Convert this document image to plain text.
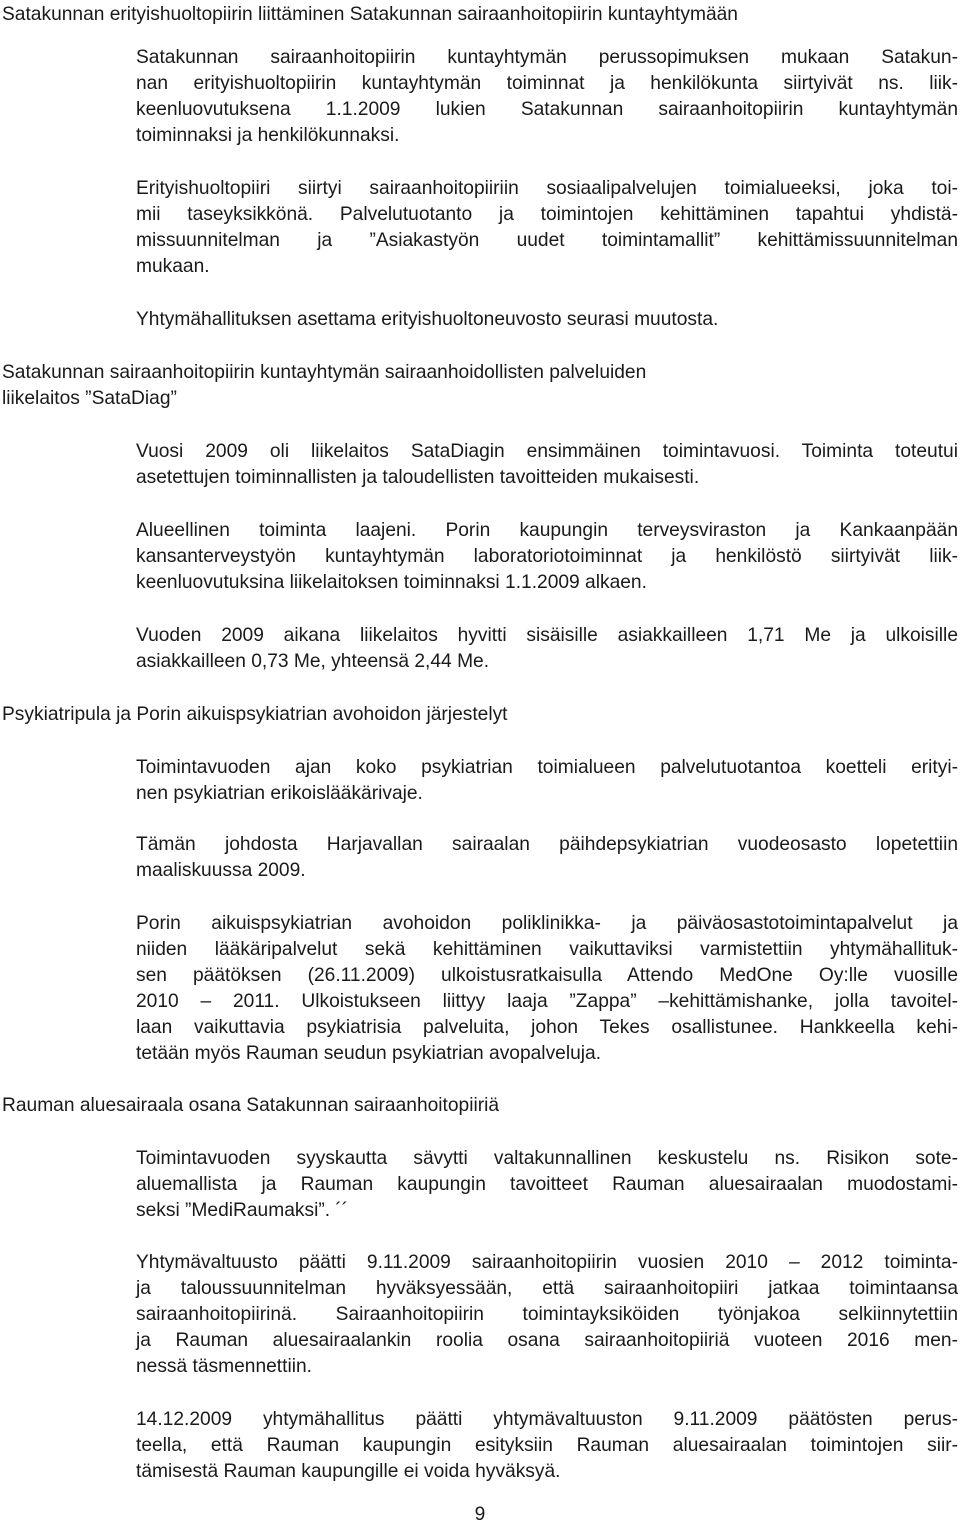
Satakunnan erityishuoltopiirin liittäminen Satakunnan sairaanhoitopiirin kuntayhtymään
Satakunnan sairaanhoitopiirin kuntayhtymän perussopimuksen mukaan Satakun-
nan erityishuoltopiirin kuntayhtymän toiminnat ja henkilökunta siirtyivät ns. liik-
keenluovutuksena 1.1.2009 lukien Satakunnan sairaanhoitopiirin kuntayhtymän
toiminnaksi ja henkilökunnaksi.
Erityishuoltopiiri siirtyi sairaanhoitopiiriin sosiaalipalvelujen toimialueeksi, joka toi-
mii taseyksikkönä. Palvelutuotanto ja toimintojen kehittäminen tapahtui yhdistä-
missuunnitelman ja ”Asiakastyön uudet toimintamallit” kehittämissuunnitelman
mukaan.
Yhtymähallituksen asettama erityishuoltoneuvosto seurasi muutosta.
Satakunnan sairaanhoitopiirin kuntayhtymän sairaanhoidollisten palveluiden
liikelaitos ”SataDiag”
Vuosi 2009 oli liikelaitos SataDiagin ensimmäinen toimintavuosi. Toiminta toteutui
asetettujen toiminnallisten ja taloudellisten tavoitteiden mukaisesti.
Alueellinen toiminta laajeni. Porin kaupungin terveysviraston ja Kankaanpään
kansanterveystyön kuntayhtymän laboratoriotoiminnat ja henkilöstö siirtyivät liik-
keenluovutuksina liikelaitoksen toiminnaksi 1.1.2009 alkaen.
Vuoden 2009 aikana liikelaitos hyvitti sisäisille asiakkailleen 1,71 Me ja ulkoisille
asiakkailleen 0,73 Me, yhteensä 2,44 Me.
Psykiatripula ja Porin aikuispsykiatrian avohoidon järjestelyt
Toimintavuoden ajan koko psykiatrian toimialueen palvelutuotantoa koetteli erityi-
nen psykiatrian erikoislääkärivaje.
Tämän johdosta Harjavallan sairaalan päihdepsykiatrian vuodeosasto lopetettiin
maaliskuussa 2009.
Porin aikuispsykiatrian avohoidon poliklinikka- ja päiväosastotoimintapalvelut ja
niiden lääkäripalvelut sekä kehittäminen vaikuttaviksi varmistettiin yhtymähallituk-
sen päätöksen (26.11.2009) ulkoistusratkaisulla Attendo MedOne Oy:lle vuosille
2010 – 2011. Ulkoistukseen liittyy laaja ”Zappa” –kehittämishanke, jolla tavoitel-
laan vaikuttavia psykiatrisia palveluita, johon Tekes osallistunee. Hankkeella kehi-
tetään myös Rauman seudun psykiatrian avopalveluja.
Rauman aluesairaala osana Satakunnan sairaanhoitopiiriä
Toimintavuoden syyskautta sävytti valtakunnallinen keskustelu ns. Risikon sote-
aluemallista ja Rauman kaupungin tavoitteet Rauman aluesairaalan muodostami-
seksi ”MediRaumaksi”. ´´
Yhtymävaltuusto päätti 9.11.2009 sairaanhoitopiirin vuosien 2010 – 2012 toiminta-
ja taloussuunnitelman hyväksyessään, että sairaanhoitopiiri jatkaa toimintaansa
sairaanhoitopiirinä. Sairaanhoitopiirin toimintayksiköiden työnjakoa selkiinnytettiin
ja Rauman aluesairaalankin roolia osana sairaanhoitopiiriä vuoteen 2016 men-
nessä täsmennettiin.
14.12.2009 yhtymähallitus päätti yhtymävaltuuston 9.11.2009 päätösten perus-
teella, että Rauman kaupungin esityksiin Rauman aluesairaalan toimintojen siir-
tämisestä Rauman kaupungille ei voida hyväksyä.
9
